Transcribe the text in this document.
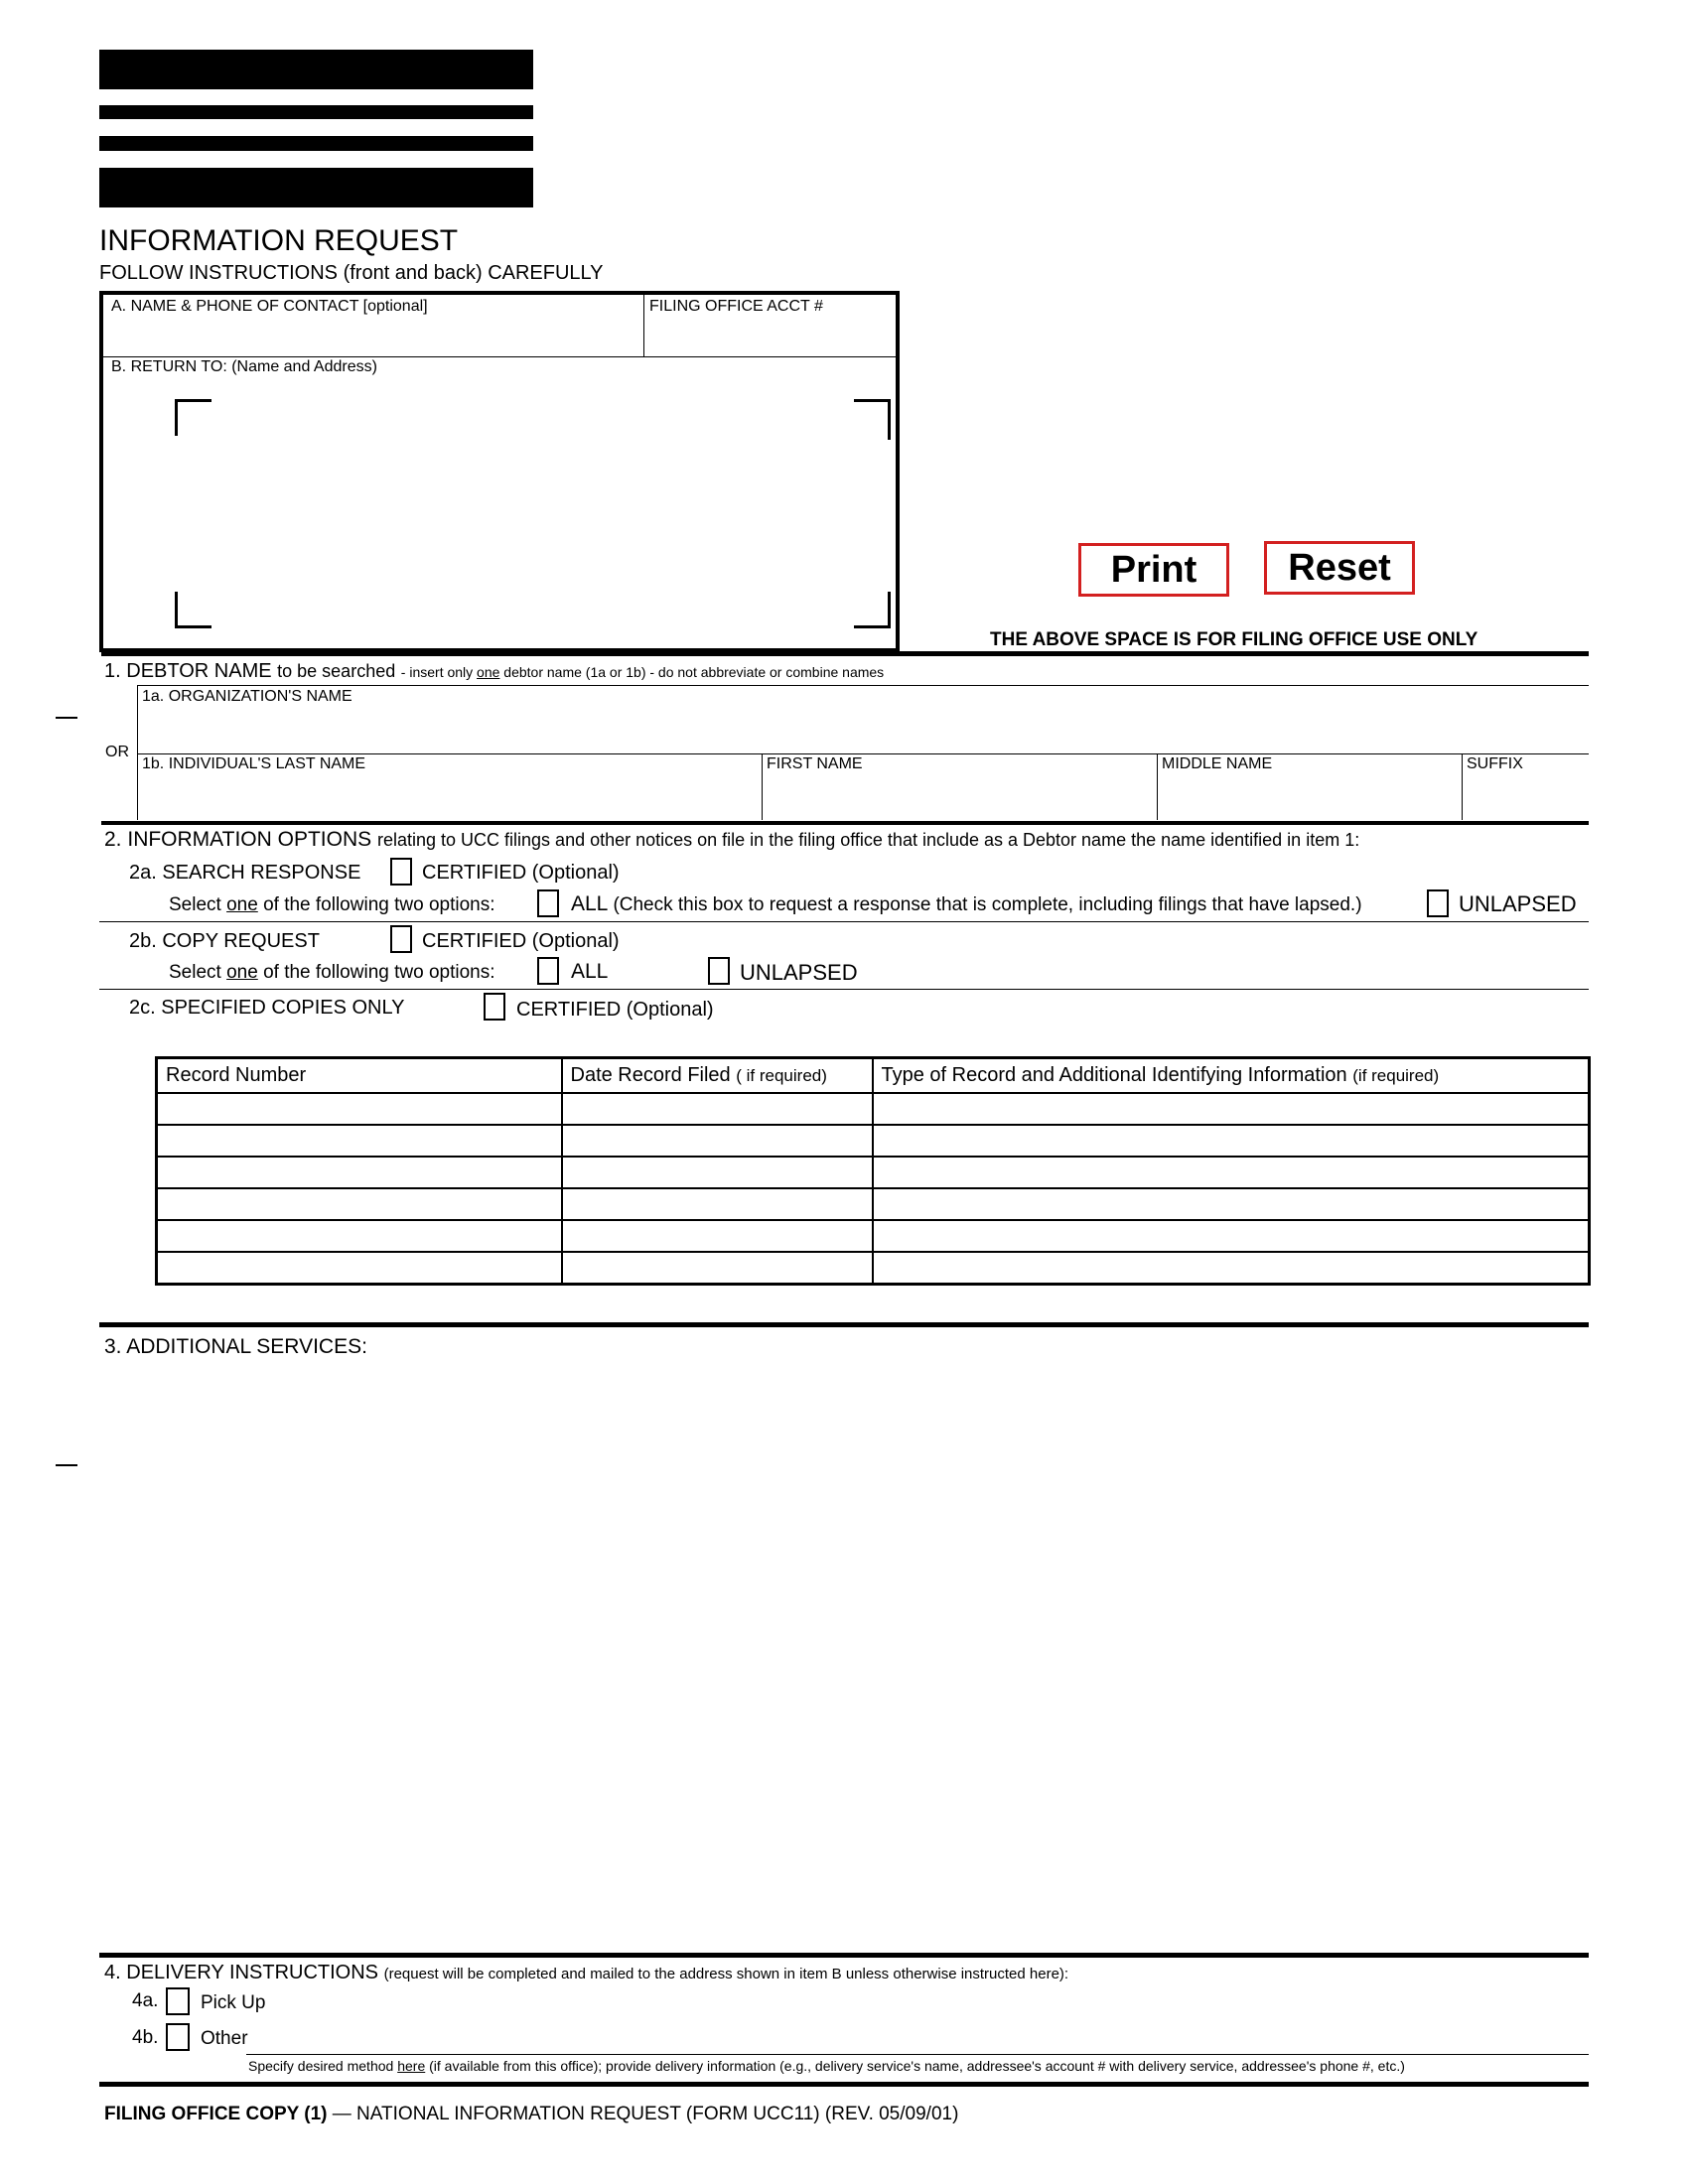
INFORMATION REQUEST
FOLLOW INSTRUCTIONS (front and back) CAREFULLY
A. NAME & PHONE OF CONTACT [optional]	FILING OFFICE ACCT #
B. RETURN TO: (Name and Address)
Print	Reset
THE ABOVE SPACE IS FOR FILING OFFICE USE ONLY
1. DEBTOR NAME to be searched - insert only one debtor name (1a or 1b) - do not abbreviate or combine names
1a. ORGANIZATION'S NAME
OR
1b. INDIVIDUAL'S LAST NAME	FIRST NAME	MIDDLE NAME	SUFFIX
2. INFORMATION OPTIONS relating to UCC filings and other notices on file in the filing office that include as a Debtor name the name identified in item 1:
2a. SEARCH RESPONSE	CERTIFIED (Optional)
Select one of the following two options:	ALL (Check this box to request a response that is complete, including filings that have lapsed.)	UNLAPSED
2b. COPY REQUEST	CERTIFIED (Optional)
Select one of the following two options:	ALL	UNLAPSED
2c. SPECIFIED COPIES ONLY	CERTIFIED (Optional)
Record Number	Date Record Filed ( if required)	Type of Record and Additional Identifying Information (if required)

3. ADDITIONAL SERVICES:
4. DELIVERY INSTRUCTIONS (request will be completed and mailed to the address shown in item B unless otherwise instructed here):
4a. Pick Up
4b. Other
Specify desired method here (if available from this office); provide delivery information (e.g., delivery service's name, addressee's account # with delivery service, addressee's phone #, etc.)
FILING OFFICE COPY (1) — NATIONAL INFORMATION REQUEST (FORM UCC11) (REV. 05/09/01)
